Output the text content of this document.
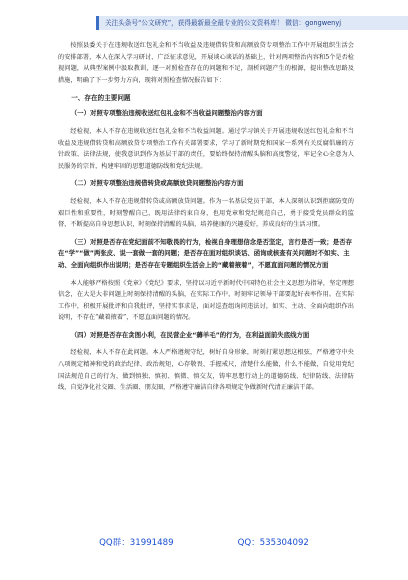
关注头条号“公文研究”，获得最新最全最专业的公文资料库！ 微信：gongwenyj

按照县委关于在违规收送红包礼金和不当收益及违规借转贷和高额放贷专项整治工作中开展组织生活会的安排部署，本人在深入学习研讨、广泛征求意见，开展谈心谈话的基础上，针对两项整治内容和5个是否检视问题，从典型案例中汲取教训，逐一对照检查存在的问题和不足，剖析问题产生的根源，提出整改思路及措施，明确了下一步努力方向，现将对照检查情况报告如下：

一、存在的主要问题
（一）对照专项整治违规收送红包礼金和不当收益问题整治内容方面

经检视，本人不存在违规收送红包礼金和不当收益问题。通过学习镇关于开展违规收送红包礼金和不当收益及违规借转贷和高额放贷专项整治工作有关部署要求，学习了新时期党和国家一系列有关反腐倡廉的方针政策、法律法规，使我意识到作为基层干部的责任，要始终保持清醒头脑和高度警觉，牢记全心全意为人民服务的宗旨，构建牢固的思想道德防线和党纪法规。

（二）对照专项整治违规借转贷或高额放贷问题整治内容方面

经检视，本人不存在违规借转贷或高额放贷问题。作为一名基层党员干部，本人深刻认识到拒腐防变的艰巨性和重要性，时刻警醒自己，既用法律约束自身，也用党章和党纪规范自己，勇于接受党员群众的监督，不断提高自身思想认识，时刻保持清醒的头脑，培养健康的兴趣爱好，养成良好的生活习惯。

（三）对照是否存在党纪面前不知敬畏的行为，检视自身理想信念是否坚定，言行是否一致；是否存在“学”“做”两张皮、说一套做一套的问题；是否存在面对组织谈话、函询或核查有关问题时不如实、主动、全面向组织作出说明；是否存在专题组织生活会上的“藏着掖着”，不愿直面问题的情况方面

本人能够严格按照《党章》《党纪》要求，坚持以习近平新时代中国特色社会主义思想为指导，坚定理想信念，在大是大非问题上时刻保持清醒的头脑，在实际工作中，时刻牢记领导干部要起好表率作用。在实际工作中，积极开展批评和自我批评，坚持实事求是，面对巡查组询问违法讨，如实、主动、全面向组织作出说明，不存在“藏着掖着”，不愿直面问题的情况。

（四）对照是否存在贪图小利，在民营企业“薅羊毛”的行为，在利益面前失底线方面

经检视，本人不存在此问题。本人严格遵规守纪，树好自身形象，时刻打紧思想这根弦，严格遵守中央八项规定精神和党的政治纪律、政治规矩，心存敬畏、手握戒尺，清楚什么能做，什么不能做，自觉用党纪国法规范自己的行为，做到慎独、慎初、慎微、慎交友，铸牢思想行动上的道德防线、纪律防线、法律防线，自觉净化社交圈、生活圈、朋友圈，严格遵守廉洁自律各项规定争做新时代清正廉洁干部。

QQ群：31991489	QQ：535304092
